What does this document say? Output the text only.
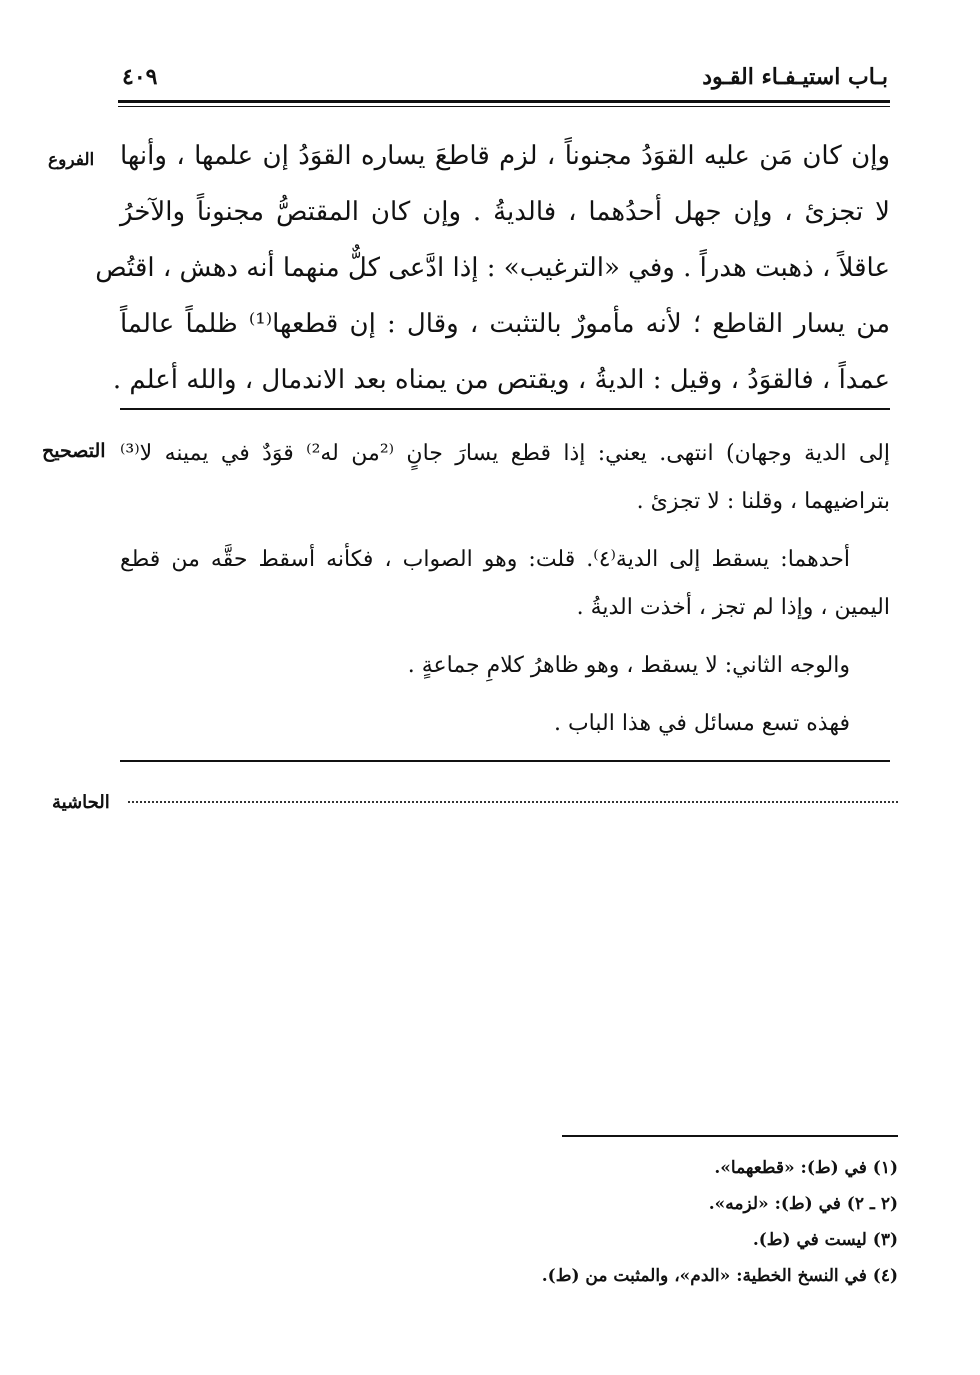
بـاب استيـفـاء القـود
٤٠٩
الفروع
التصحيح
الحاشية
وإن كان مَن عليه القوَدُ مجنوناً ، لزم قاطعَ يساره القوَدُ إن علمها ، وأنها
لا تجزئ ، وإن جهل أحدُهما ، فالديةُ . وإن كان المقتصُّ مجنوناً والآخرُ
عاقلاً ، ذهبت هدراً . وفي «الترغيب» : إذا ادَّعى كلٌّ منهما أنه دهش ، اقتُص
من يسار القاطع ؛ لأنه مأمورٌ بالتثبت ، وقال : إن قطعها⁽¹⁾ ظلماً عالماً
عمداً ، فالقوَدُ ، وقيل : الديةُ ، ويقتص من يمناه بعد الاندمال ، والله أعلم .
إلى الدية وجهان) انتهى. يعني: إذا قطع يسارَ جانٍ ⁽²من له²⁾ قوَدٌ في يمينه لا⁽³⁾
بتراضيهما ، وقلنا : لا تجزئ .
أحدهما: يسقط إلى الدية⁽٤⁾. قلت: وهو الصواب ، فكأنه أسقط حقَّه من قطع
اليمين ، وإذا لم تجز ، أخذت الديةُ .
والوجه الثاني: لا يسقط ، وهو ظاهرُ كلامِ جماعةٍ .
فهذه تسع مسائل في هذا الباب .
(١) في (ط): «قطعهما».
(٢ ـ ٢) في (ط): «لزمه».
(٣) ليست في (ط).
(٤) في النسخ الخطية: «الدم»، والمثبت من (ط).
